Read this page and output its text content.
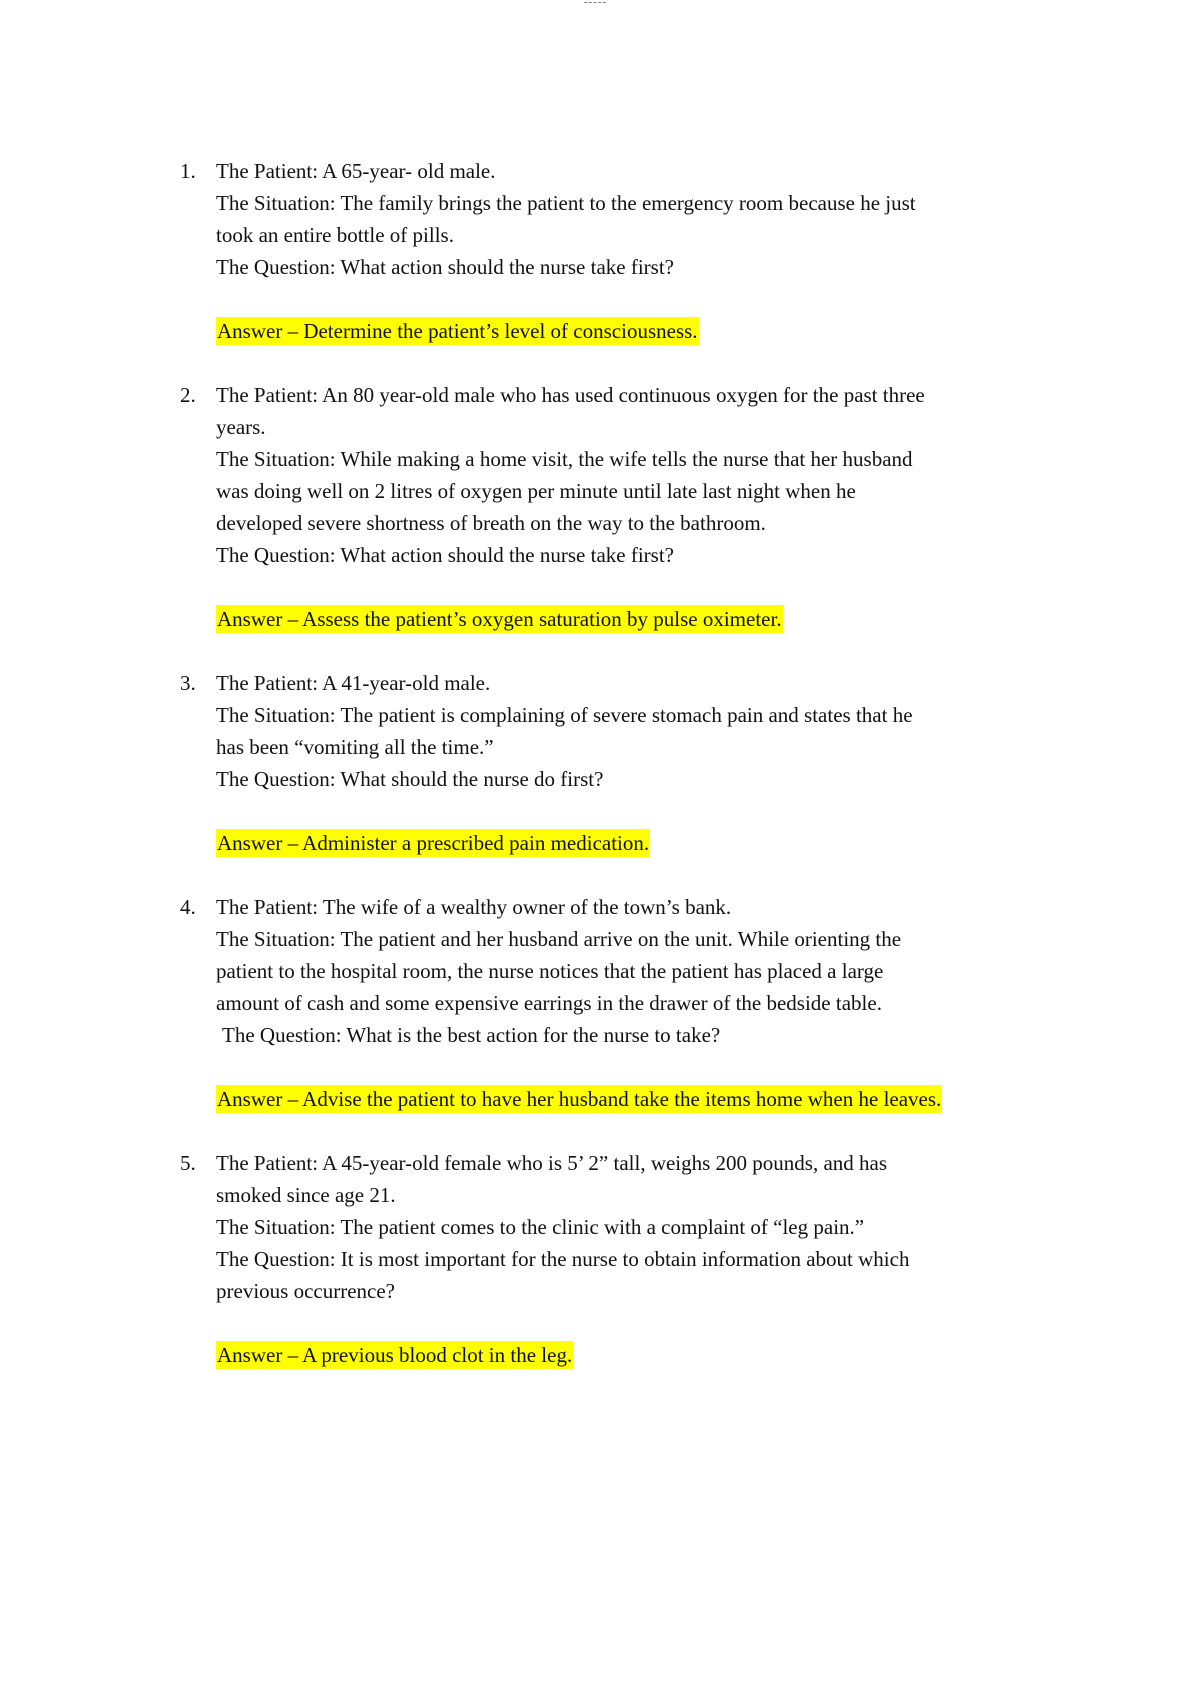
-----
1. The Patient: A 65-year- old male.
The Situation: The family brings the patient to the emergency room because he just
took an entire bottle of pills.
The Question: What action should the nurse take first?
Answer – Determine the patient’s level of consciousness.
2. The Patient: An 80 year-old male who has used continuous oxygen for the past three
years.
The Situation: While making a home visit, the wife tells the nurse that her husband
was doing well on 2 litres of oxygen per minute until late last night when he
developed severe shortness of breath on the way to the bathroom.
The Question: What action should the nurse take first?
Answer – Assess the patient’s oxygen saturation by pulse oximeter.
3. The Patient: A 41-year-old male.
The Situation: The patient is complaining of severe stomach pain and states that he
has been “vomiting all the time.”
The Question: What should the nurse do first?
Answer – Administer a prescribed pain medication.
4. The Patient: The wife of a wealthy owner of the town’s bank.
The Situation: The patient and her husband arrive on the unit. While orienting the
patient to the hospital room, the nurse notices that the patient has placed a large
amount of cash and some expensive earrings in the drawer of the bedside table.
The Question: What is the best action for the nurse to take?
Answer – Advise the patient to have her husband take the items home when he leaves.
5. The Patient: A 45-year-old female who is 5’ 2” tall, weighs 200 pounds, and has
smoked since age 21.
The Situation: The patient comes to the clinic with a complaint of “leg pain.”
The Question: It is most important for the nurse to obtain information about which
previous occurrence?
Answer – A previous blood clot in the leg.
